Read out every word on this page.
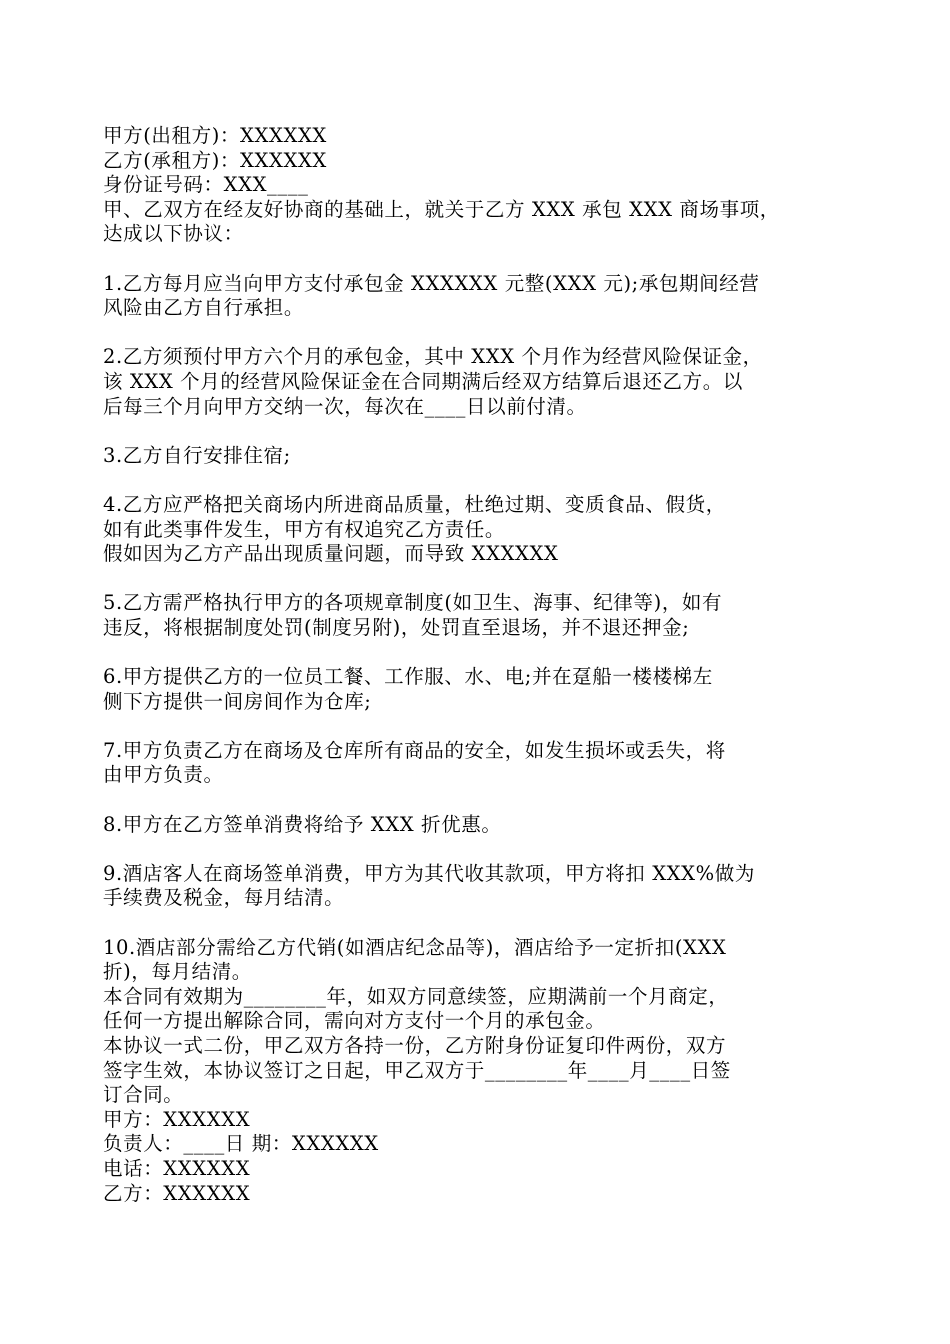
甲方(出租方)：XXXXXX
乙方(承租方)：XXXXXX
身份证号码：XXX____
甲、乙双方在经友好协商的基础上，就关于乙方 XXX 承包 XXX 商场事项，
达成以下协议：
1.乙方每月应当向甲方支付承包金 XXXXXX 元整(XXX 元);承包期间经营
风险由乙方自行承担。
2.乙方须预付甲方六个月的承包金，其中 XXX 个月作为经营风险保证金，
该 XXX 个月的经营风险保证金在合同期满后经双方结算后退还乙方。以
后每三个月向甲方交纳一次，每次在____日以前付清。
3.乙方自行安排住宿;
4.乙方应严格把关商场内所进商品质量，杜绝过期、变质食品、假货，
如有此类事件发生，甲方有权追究乙方责任。
假如因为乙方产品出现质量问题，而导致 XXXXXX
5.乙方需严格执行甲方的各项规章制度(如卫生、海事、纪律等)，如有
违反，将根据制度处罚(制度另附)，处罚直至退场，并不退还押金;
6.甲方提供乙方的一位员工餐、工作服、水、电;并在趸船一楼楼梯左
侧下方提供一间房间作为仓库;
7.甲方负责乙方在商场及仓库所有商品的安全，如发生损坏或丢失，将
由甲方负责。
8.甲方在乙方签单消费将给予 XXX 折优惠。
9.酒店客人在商场签单消费，甲方为其代收其款项，甲方将扣 XXX%做为
手续费及税金，每月结清。
10.酒店部分需给乙方代销(如酒店纪念品等)，酒店给予一定折扣(XXX
折)，每月结清。
本合同有效期为________年，如双方同意续签，应期满前一个月商定，
任何一方提出解除合同，需向对方支付一个月的承包金。
本协议一式二份，甲乙双方各持一份，乙方附身份证复印件两份，双方
签字生效，本协议签订之日起，甲乙双方于________年____月____日签
订合同。
甲方：XXXXXX
负责人：____日 期：XXXXXX
电话：XXXXXX
乙方：XXXXXX
